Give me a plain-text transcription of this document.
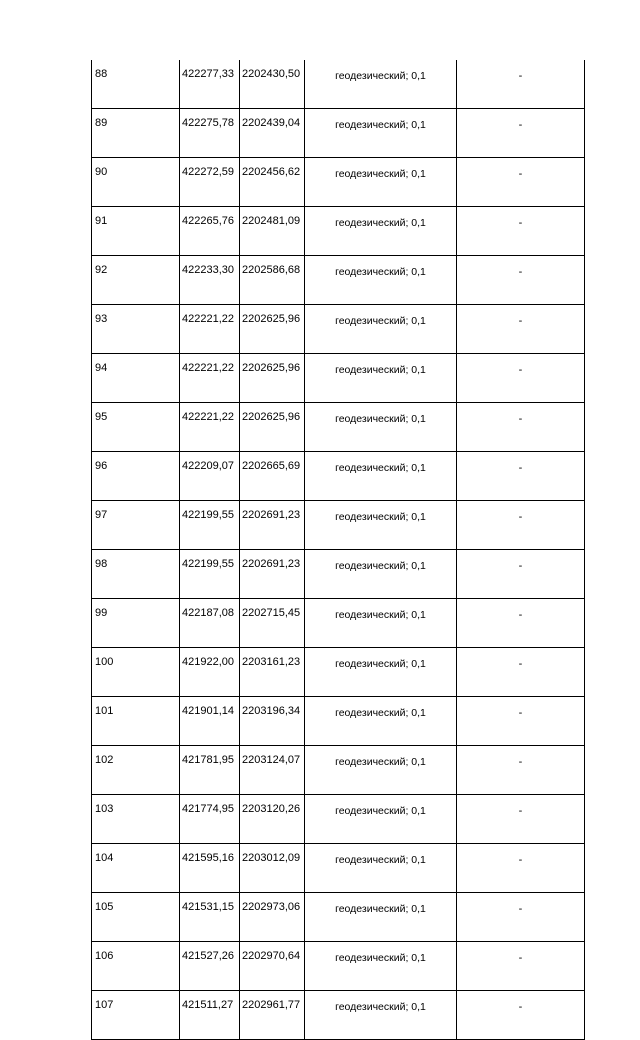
88	422277,33	2202430,50	геодезический; 0,1	-
89	422275,78	2202439,04	геодезический; 0,1	-
90	422272,59	2202456,62	геодезический; 0,1	-
91	422265,76	2202481,09	геодезический; 0,1	-
92	422233,30	2202586,68	геодезический; 0,1	-
93	422221,22	2202625,96	геодезический; 0,1	-
94	422221,22	2202625,96	геодезический; 0,1	-
95	422221,22	2202625,96	геодезический; 0,1	-
96	422209,07	2202665,69	геодезический; 0,1	-
97	422199,55	2202691,23	геодезический; 0,1	-
98	422199,55	2202691,23	геодезический; 0,1	-
99	422187,08	2202715,45	геодезический; 0,1	-
100	421922,00	2203161,23	геодезический; 0,1	-
101	421901,14	2203196,34	геодезический; 0,1	-
102	421781,95	2203124,07	геодезический; 0,1	-
103	421774,95	2203120,26	геодезический; 0,1	-
104	421595,16	2203012,09	геодезический; 0,1	-
105	421531,15	2202973,06	геодезический; 0,1	-
106	421527,26	2202970,64	геодезический; 0,1	-
107	421511,27	2202961,77	геодезический; 0,1	-
